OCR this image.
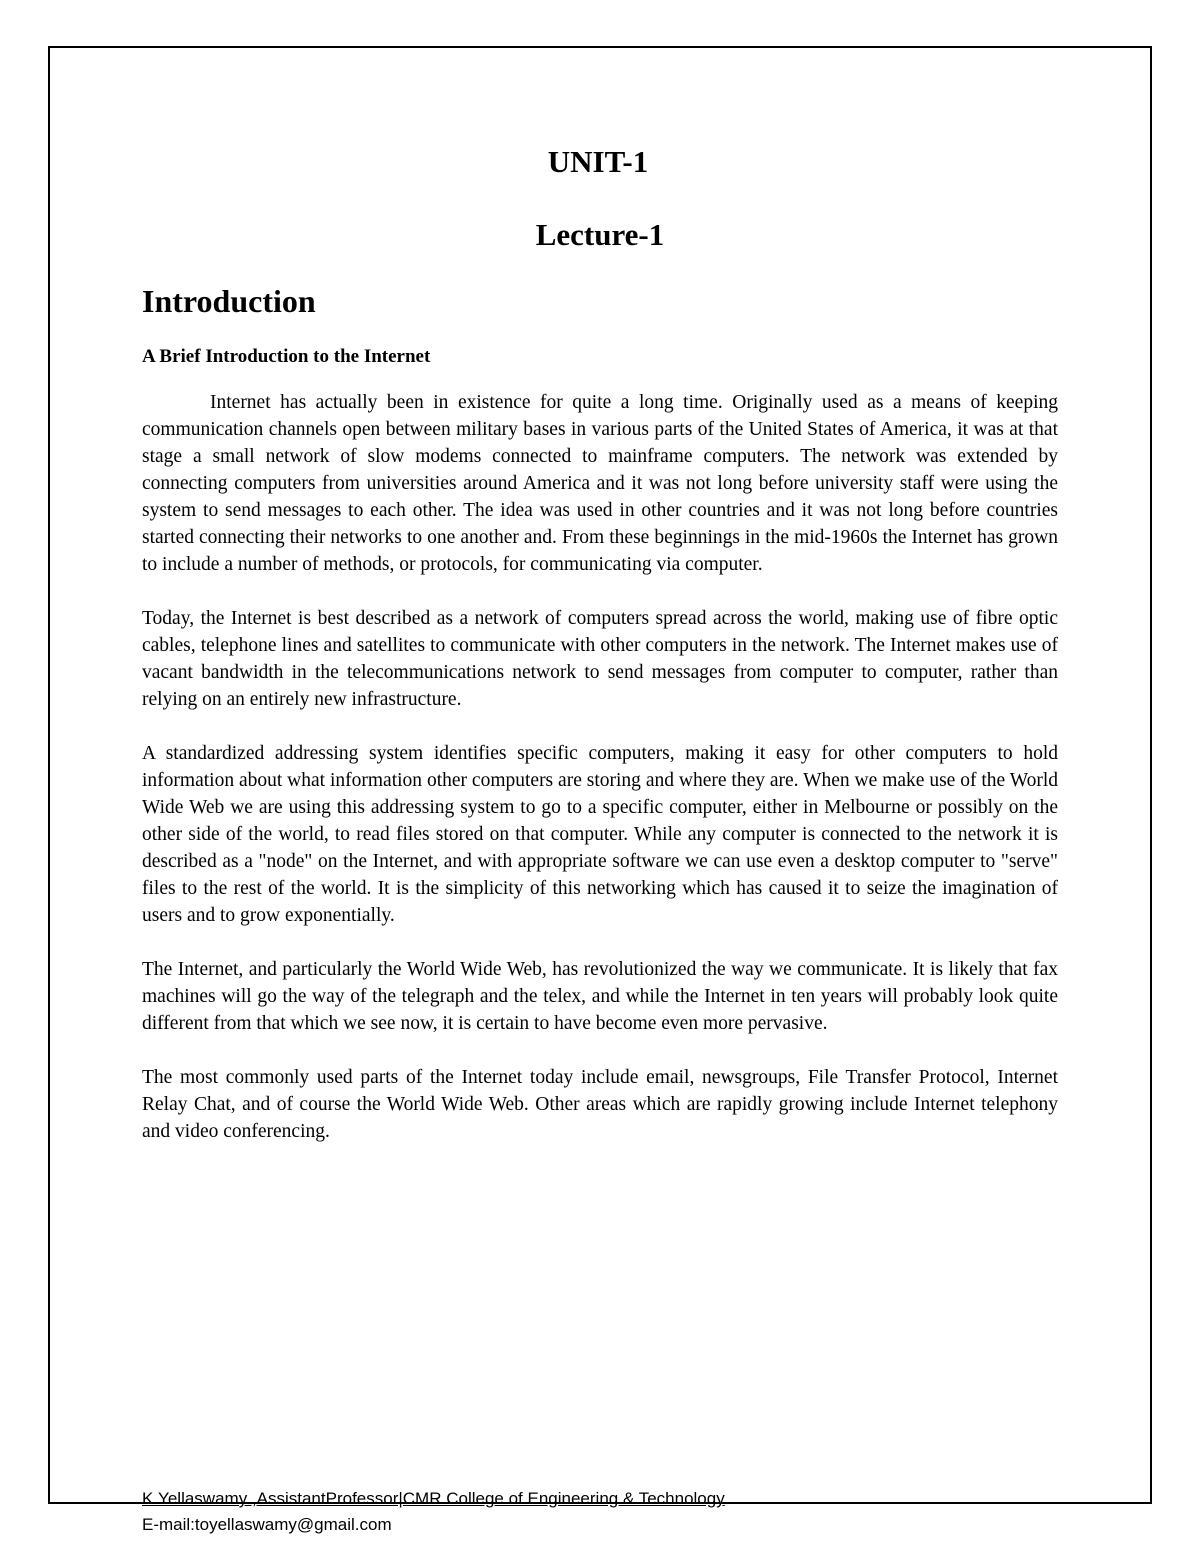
UNIT-1
Lecture-1
Introduction
A Brief Introduction to the Internet

Internet has actually been in existence for quite a long time. Originally used as a means of keeping communication channels open between military bases in various parts of the United States of America, it was at that stage a small network of slow modems connected to mainframe computers. The network was extended by connecting computers from universities around America and it was not long before university staff were using the system to send messages to each other. The idea was used in other countries and it was not long before countries started connecting their networks to one another and. From these beginnings in the mid-1960s the Internet has grown to include a number of methods, or protocols, for communicating via computer.

Today, the Internet is best described as a network of computers spread across the world, making use of fibre optic cables, telephone lines and satellites to communicate with other computers in the network. The Internet makes use of vacant bandwidth in the telecommunications network to send messages from computer to computer, rather than relying on an entirely new infrastructure.

A standardized addressing system identifies specific computers, making it easy for other computers to hold information about what information other computers are storing and where they are. When we make use of the World Wide Web we are using this addressing system to go to a specific computer, either in Melbourne or possibly on the other side of the world, to read files stored on that computer. While any computer is connected to the network it is described as a "node" on the Internet, and with appropriate software we can use even a desktop computer to "serve" files to the rest of the world. It is the simplicity of this networking which has caused it to seize the imagination of users and to grow exponentially.

The Internet, and particularly the World Wide Web, has revolutionized the way we communicate. It is likely that fax machines will go the way of the telegraph and the telex, and while the Internet in ten years will probably look quite different from that which we see now, it is certain to have become even more pervasive.

The most commonly used parts of the Internet today include email, newsgroups, File Transfer Protocol, Internet Relay Chat, and of course the World Wide Web. Other areas which are rapidly growing include Internet telephony and video conferencing.

K.Yellaswamy ,AssistantProfessor|CMR College of Engineering & Technology
E-mail:toyellaswamy@gmail.com
